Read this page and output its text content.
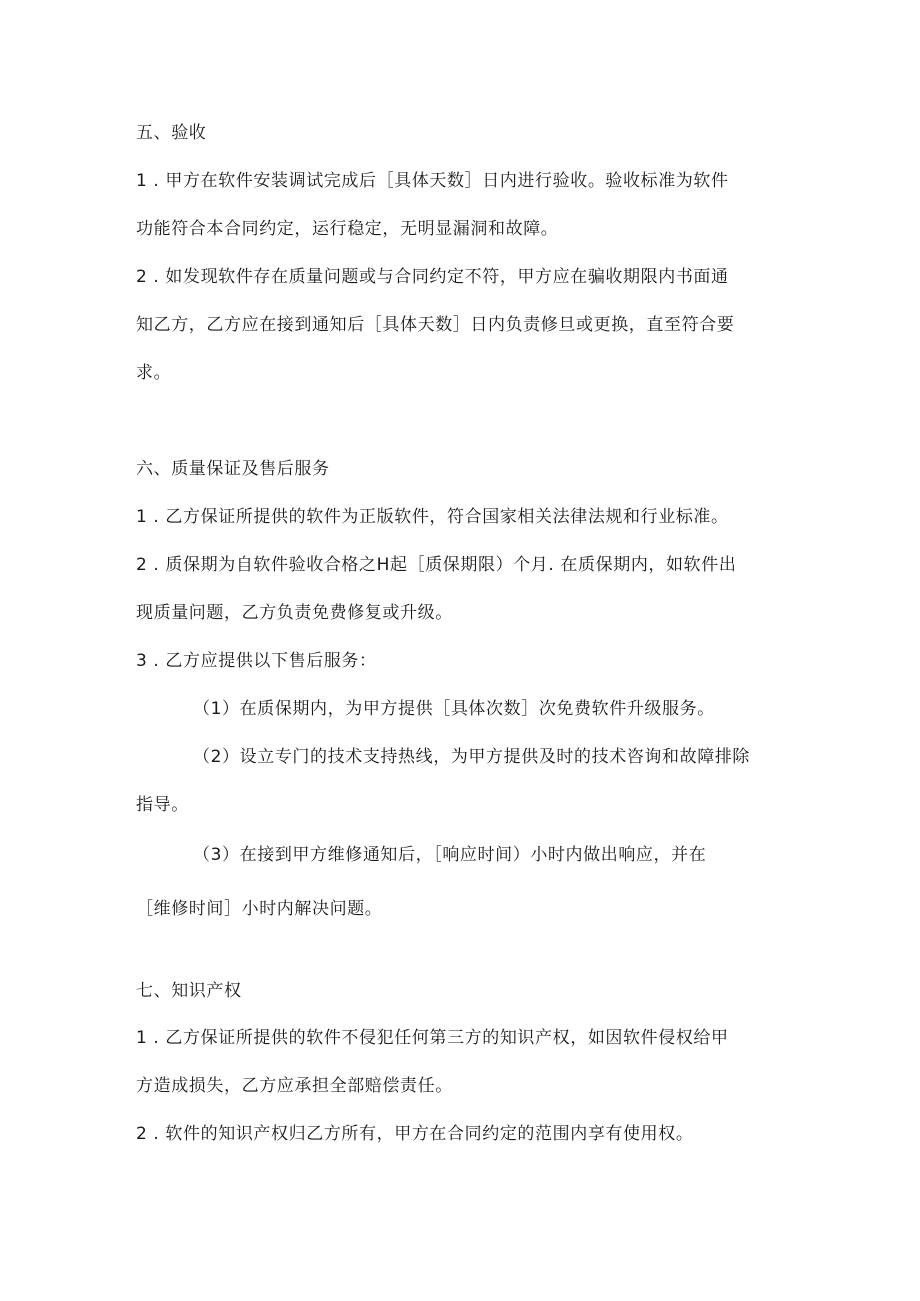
五、验收
1 . 甲方在软件安装调试完成后［具体天数］日内进行验收。验收标准为软件
功能符合本合同约定，运行稳定，无明显漏洞和故障。
2 . 如发现软件存在质量问题或与合同约定不符，甲方应在骗收期限内书面通
知乙方，乙方应在接到通知后［具体天数］日内负责修旦或更换，直至符合要
求。
六、质量保证及售后服务
1 . 乙方保证所提供的软件为正版软件，符合国家相关法律法规和行业标准。
2 . 质保期为自软件验收合格之H起［质保期限）个月. 在质保期内，如软件出
现质量问题，乙方负责免费修复或升级。
3 . 乙方应提供以下售后服务：
（1）在质保期内，为甲方提供［具体次数］次免费软件升级服务。
（2）设立专门的技术支持热线，为甲方提供及时的技术咨询和故障排除
指导。
（3）在接到甲方维修通知后，［响应时间）小时内做出响应，并在
［维修时间］小时内解决问题。
七、知识产权
1 . 乙方保证所提供的软件不侵犯任何第三方的知识产权，如因软件侵权给甲
方造成损失，乙方应承担全部赔偿责任。
2 . 软件的知识产权归乙方所有，甲方在合同约定的范围内享有使用权。
